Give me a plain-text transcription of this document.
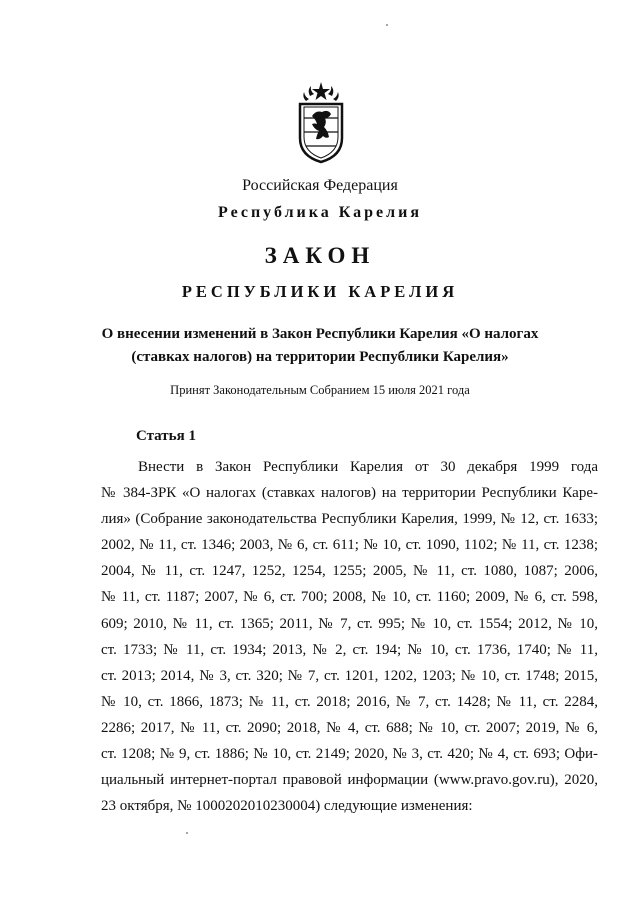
Российская Федерация
Республика Карелия
ЗАКОН
РЕСПУБЛИКИ КАРЕЛИЯ
О внесении изменений в Закон Республики Карелия «О налогах
(ставках налогов) на территории Республики Карелия»
Принят Законодательным Собранием 15 июля 2021 года
Статья 1
Внести в Закон Республики Карелия от 30 декабря 1999 года
№ 384-ЗРК «О налогах (ставках налогов) на территории Республики Каре-
лия» (Собрание законодательства Республики Карелия, 1999, № 12, ст. 1633;
2002, № 11, ст. 1346; 2003, № 6, ст. 611; № 10, ст. 1090, 1102; № 11, ст. 1238;
2004, № 11, ст. 1247, 1252, 1254, 1255; 2005, № 11, ст. 1080, 1087; 2006,
№ 11, ст. 1187; 2007, № 6, ст. 700; 2008, № 10, ст. 1160; 2009, № 6, ст. 598,
609; 2010, № 11, ст. 1365; 2011, № 7, ст. 995; № 10, ст. 1554; 2012, № 10,
ст. 1733; № 11, ст. 1934; 2013, № 2, ст. 194; № 10, ст. 1736, 1740; № 11,
ст. 2013; 2014, № 3, ст. 320; № 7, ст. 1201, 1202, 1203; № 10, ст. 1748; 2015,
№ 10, ст. 1866, 1873; № 11, ст. 2018; 2016, № 7, ст. 1428; № 11, ст. 2284,
2286; 2017, № 11, ст. 2090; 2018, № 4, ст. 688; № 10, ст. 2007; 2019, № 6,
ст. 1208; № 9, ст. 1886; № 10, ст. 2149; 2020, № 3, ст. 420; № 4, ст. 693; Офи-
циальный интернет-портал правовой информации (www.pravo.gov.ru), 2020,
23 октября, № 1000202010230004) следующие изменения:
